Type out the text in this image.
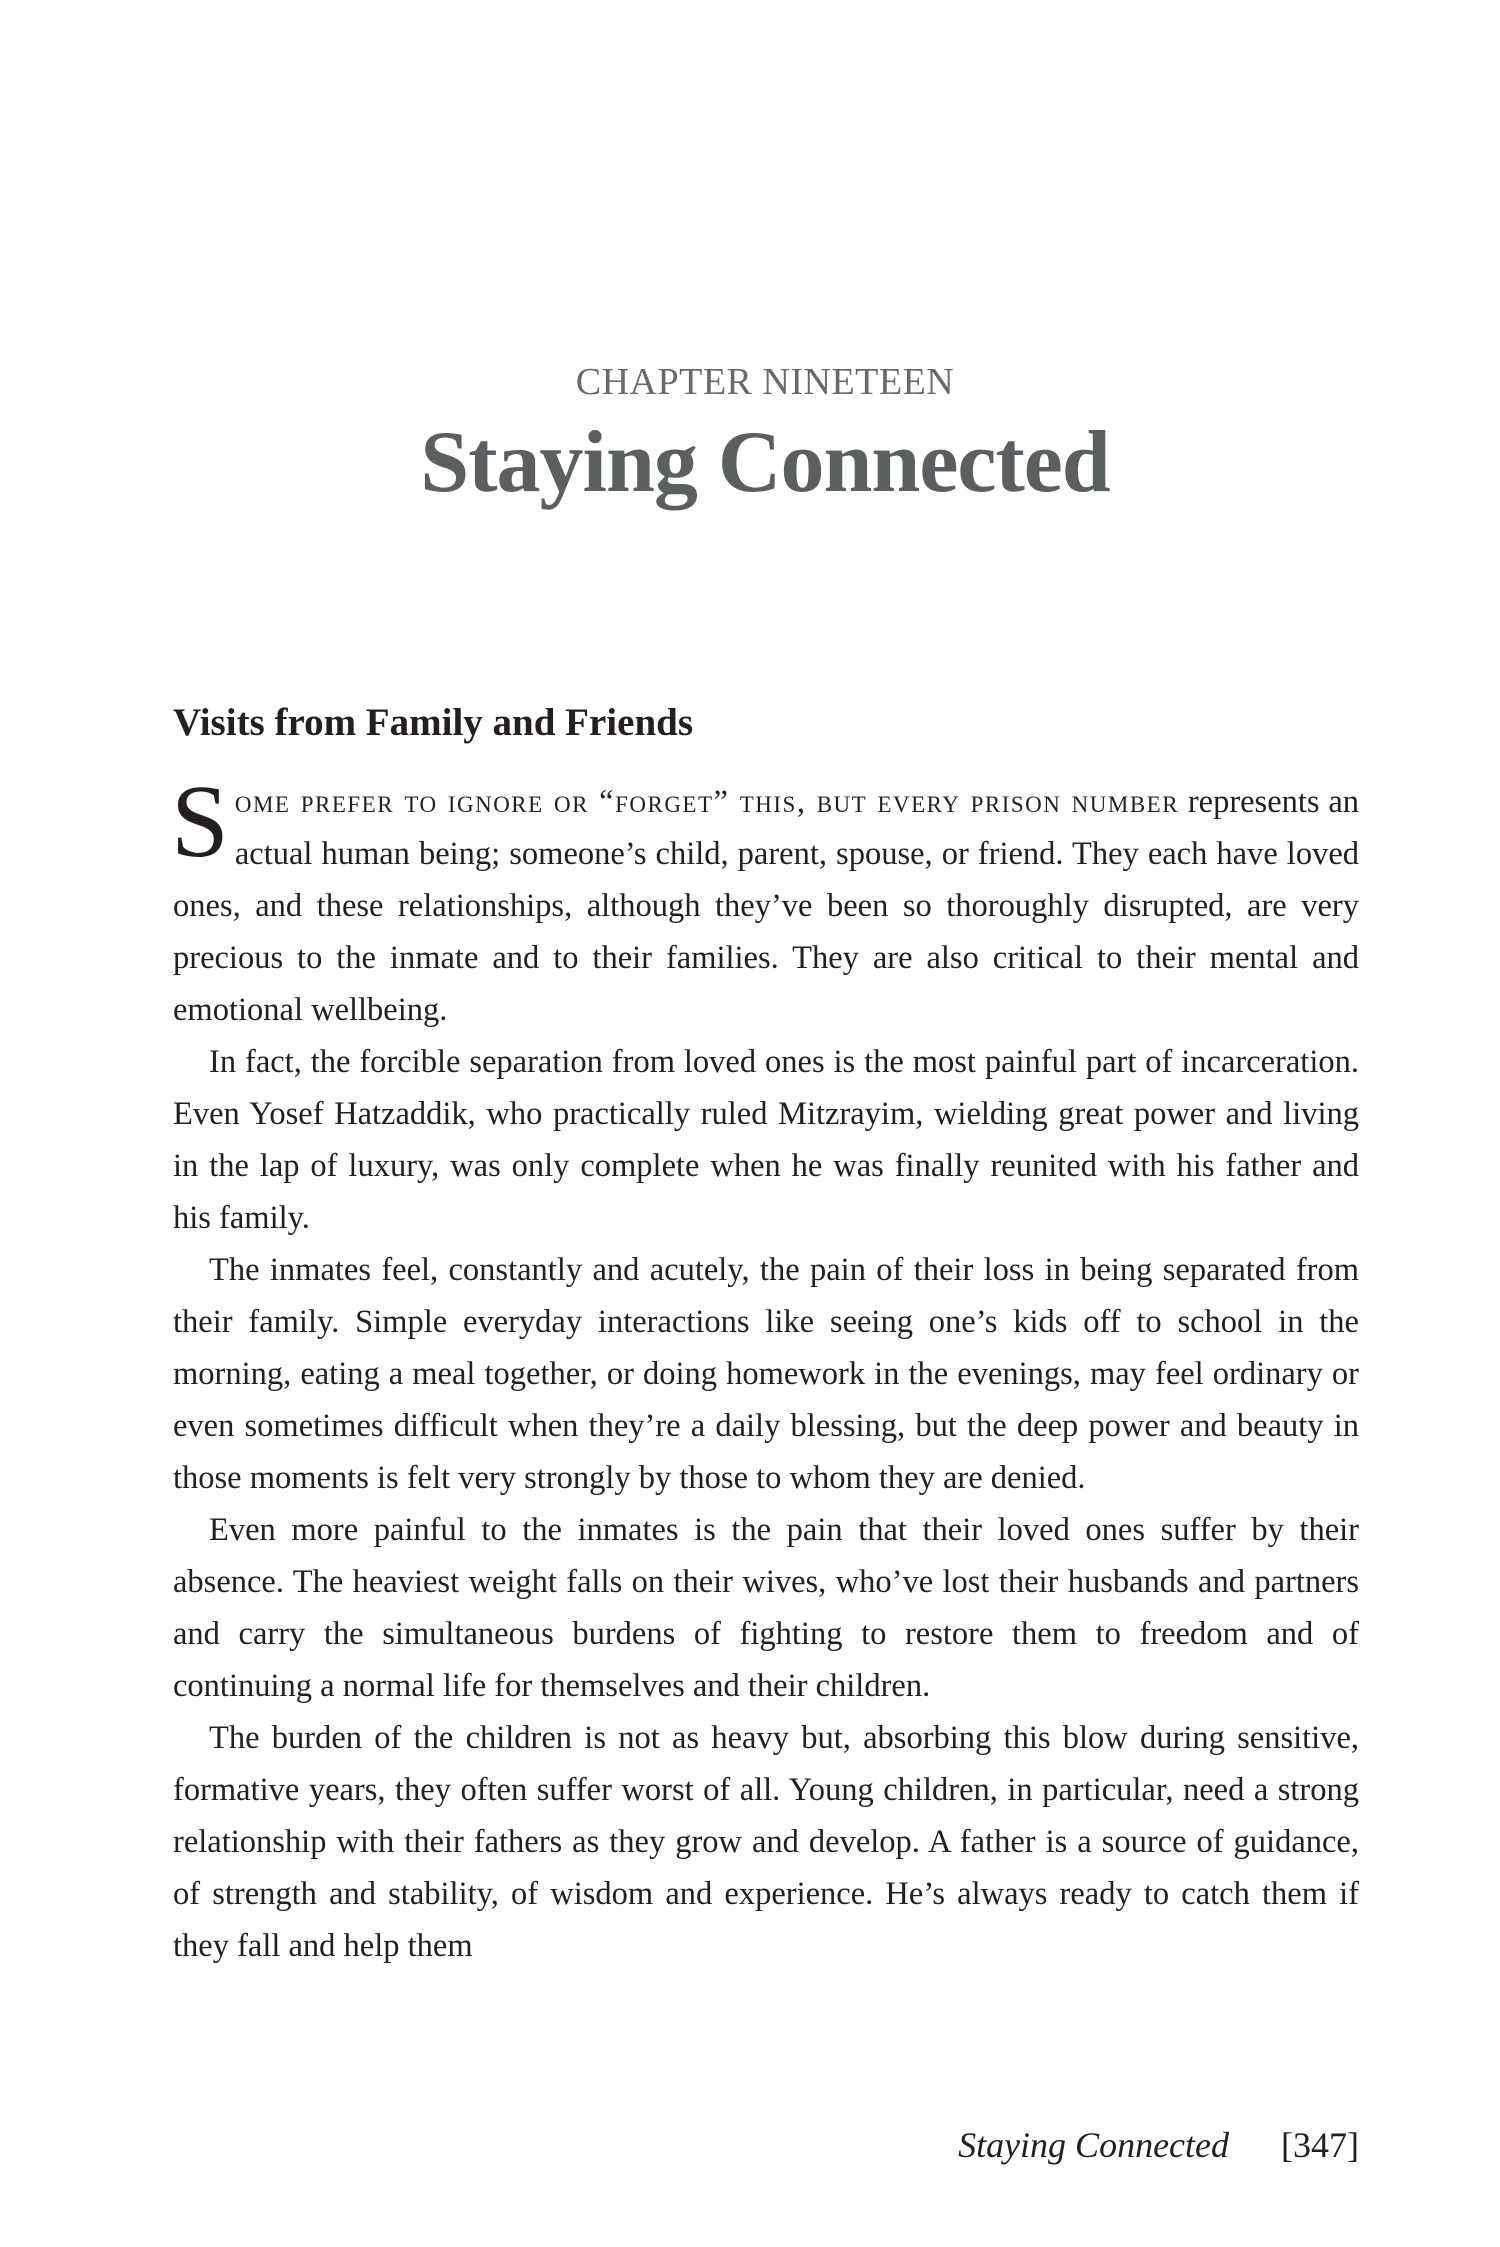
CHAPTER NINETEEN
Staying Connected
Visits from Family and Friends

Some prefer to ignore or “forget” this, but every prison number represents an actual human being; someone’s child, parent, spouse, or friend. They each have loved ones, and these relationships, although they’ve been so thoroughly disrupted, are very precious to the inmate and to their families. They are also critical to their mental and emotional wellbeing.

In fact, the forcible separation from loved ones is the most painful part of incarceration. Even Yosef Hatzaddik, who practically ruled Mitzrayim, wielding great power and living in the lap of luxury, was only complete when he was finally reunited with his father and his family.

The inmates feel, constantly and acutely, the pain of their loss in being separated from their family. Simple everyday interactions like seeing one’s kids off to school in the morning, eating a meal together, or doing homework in the evenings, may feel ordinary or even sometimes difficult when they’re a daily blessing, but the deep power and beauty in those moments is felt very strongly by those to whom they are denied.

Even more painful to the inmates is the pain that their loved ones suffer by their absence. The heaviest weight falls on their wives, who’ve lost their husbands and partners and carry the simultaneous burdens of fighting to restore them to freedom and of continuing a normal life for themselves and their children.

The burden of the children is not as heavy but, absorbing this blow during sensitive, formative years, they often suffer worst of all. Young children, in particular, need a strong relationship with their fathers as they grow and develop. A father is a source of guidance, of strength and stability, of wisdom and experience. He’s always ready to catch them if they fall and help them

Staying Connected [347]
